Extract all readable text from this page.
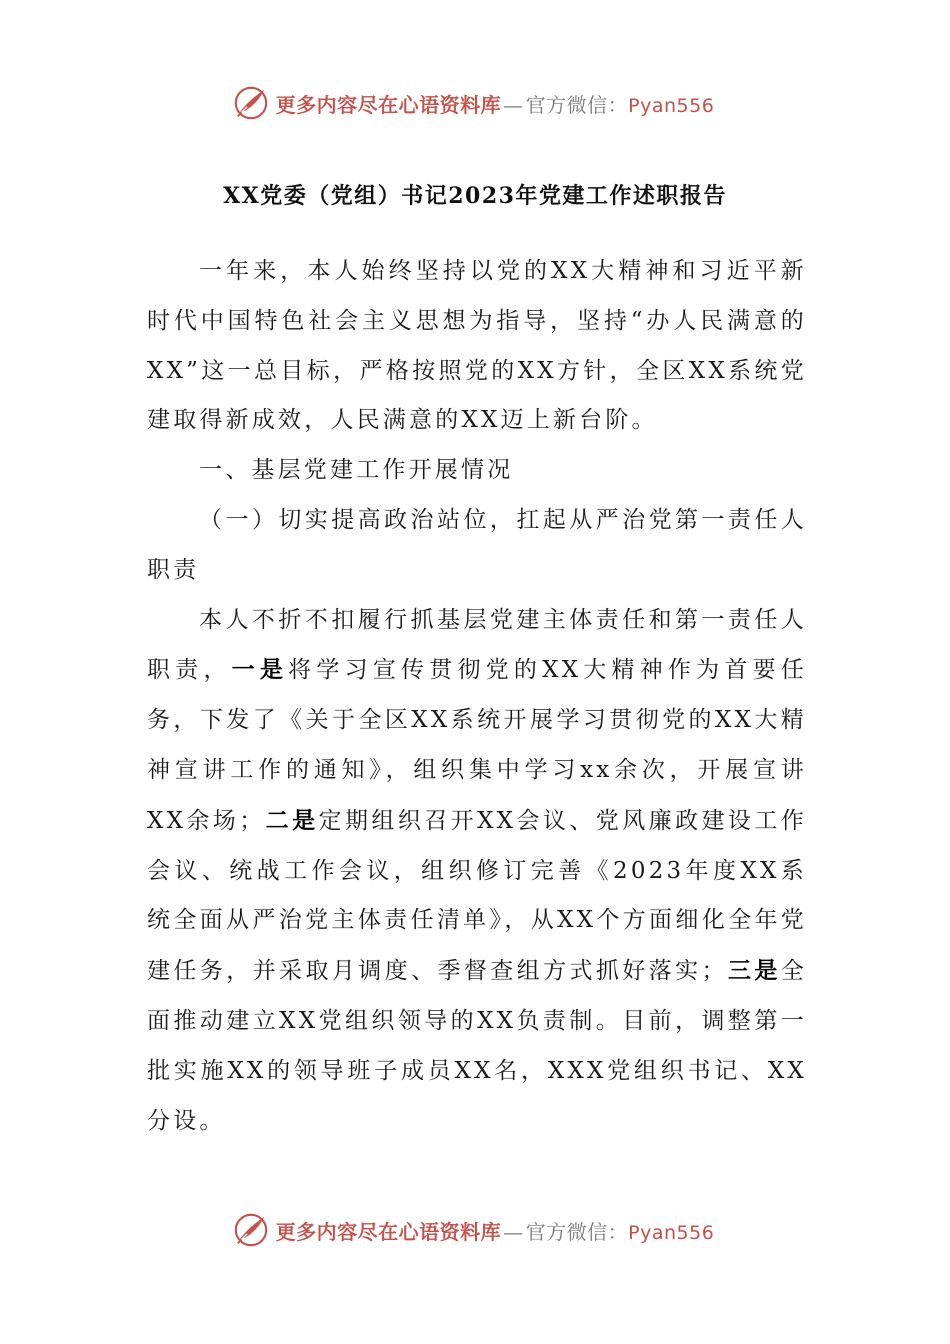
更多内容尽在心语资料库 — 官方微信： Pyan556
XX党委（党组）书记2023年党建工作述职报告

一年来，本人始终坚持以党的XX大精神和习近平新时代中国特色社会主义思想为指导，坚持“办人民满意的XX”这一总目标，严格按照党的XX方针，全区XX系统党建取得新成效，人民满意的XX迈上新台阶。

一、基层党建工作开展情况

（一）切实提高政治站位，扛起从严治党第一责任人职责

本人不折不扣履行抓基层党建主体责任和第一责任人职责，一是将学习宣传贯彻党的XX大精神作为首要任务，下发了《关于全区XX系统开展学习贯彻党的XX大精神宣讲工作的通知》，组织集中学习xx余次，开展宣讲XX余场；二是定期组织召开XX会议、党风廉政建设工作会议、统战工作会议，组织修订完善《2023年度XX系统全面从严治党主体责任清单》，从XX个方面细化全年党建任务，并采取月调度、季督查组方式抓好落实；三是全面推动建立XX党组织领导的XX负责制。目前，调整第一批实施XX的领导班子成员XX名，XXX党组织书记、XX分设。

更多内容尽在心语资料库 — 官方微信： Pyan556
